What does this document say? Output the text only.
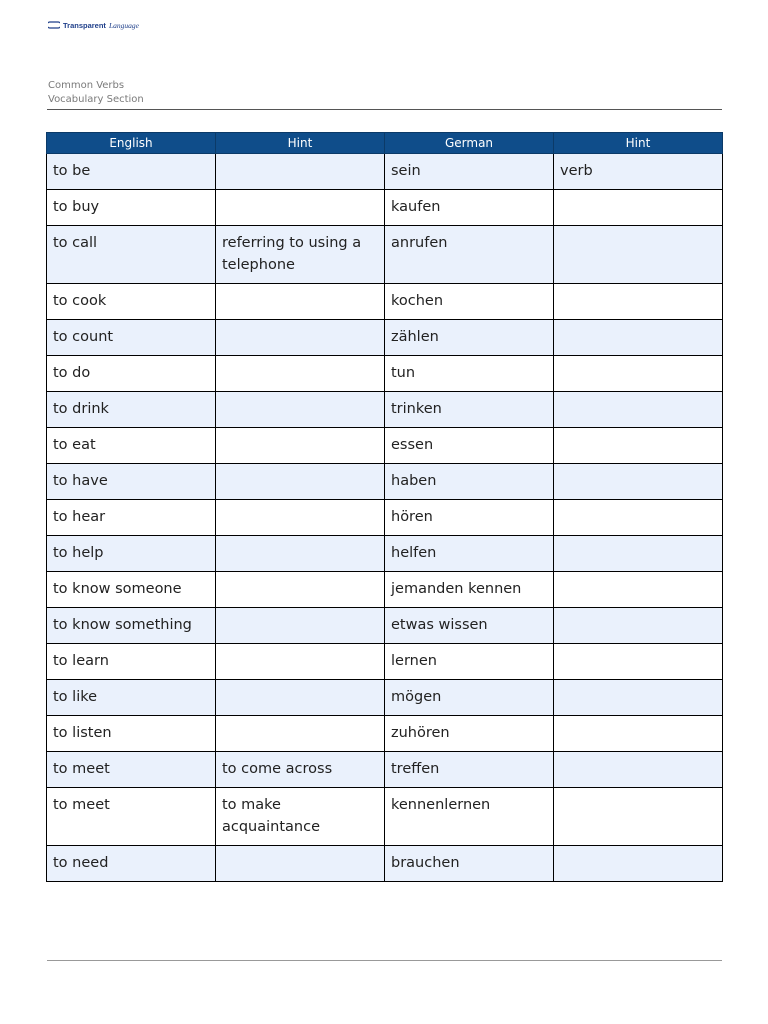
Transparent Language
Common Verbs
Vocabulary Section
English	Hint	German	Hint
to be		sein	verb
to buy		kaufen	
to call	referring to using a telephone	anrufen	
to cook		kochen	
to count		zählen	
to do		tun	
to drink		trinken	
to eat		essen	
to have		haben	
to hear		hören	
to help		helfen	
to know someone		jemanden kennen	
to know something		etwas wissen	
to learn		lernen	
to like		mögen	
to listen		zuhören	
to meet	to come across	treffen	
to meet	to make acquaintance	kennenlernen	
to need		brauchen	
